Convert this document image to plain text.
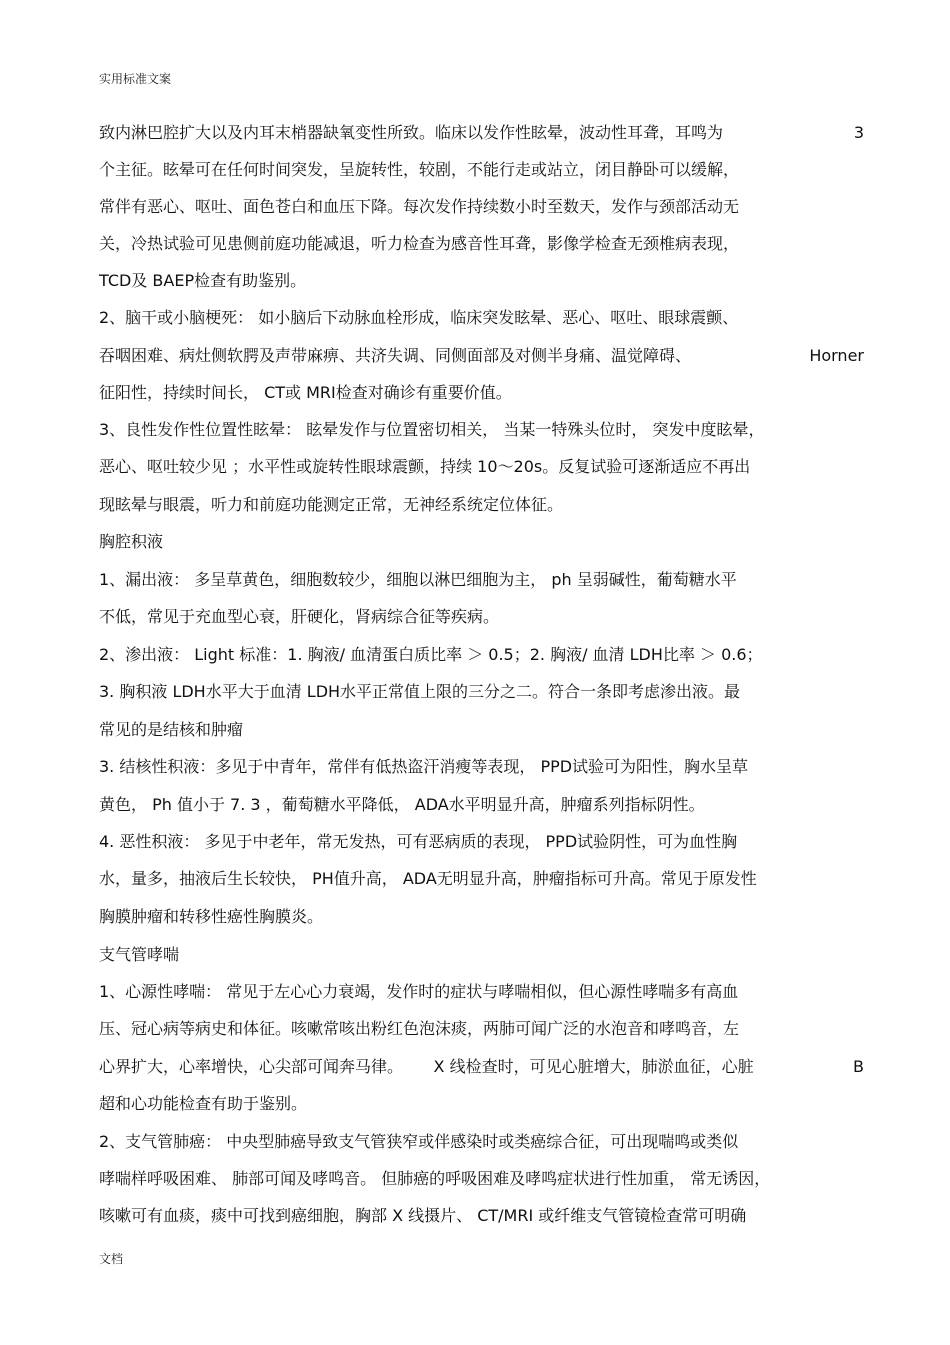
实用标准文案
致内淋巴腔扩大以及内耳末梢器缺氧变性所致。临床以发作性眩晕，波动性耳聋，耳鸣为	3
个主征。眩晕可在任何时间突发，呈旋转性，较剧，不能行走或站立，闭目静卧可以缓解，
常伴有恶心、呕吐、面色苍白和血压下降。每次发作持续数小时至数天，发作与颈部活动无
关，冷热试验可见患侧前庭功能减退，听力检查为感音性耳聋，影像学检查无颈椎病表现，
TCD及 BAEP检查有助鉴别。
2、脑干或小脑梗死： 如小脑后下动脉血栓形成，临床突发眩晕、恶心、呕吐、眼球震颤、
吞咽困难、病灶侧软腭及声带麻痹、共济失调、同侧面部及对侧半身痛、温觉障碍、	Horner
征阳性，持续时间长， CT或 MRI检查对确诊有重要价值。
3、良性发作性位置性眩晕： 眩晕发作与位置密切相关， 当某一特殊头位时， 突发中度眩晕，
恶心、呕吐较少见 ；水平性或旋转性眼球震颤，持续 10～20s。反复试验可逐渐适应不再出
现眩晕与眼震，听力和前庭功能测定正常，无神经系统定位体征。
胸腔积液
1、漏出液： 多呈草黄色，细胞数较少，细胞以淋巴细胞为主， ph 呈弱碱性，葡萄糖水平
不低，常见于充血型心衰，肝硬化，肾病综合征等疾病。
2、渗出液： Light 标准：1. 胸液/ 血清蛋白质比率 ＞ 0.5；2. 胸液/ 血清 LDH比率 ＞ 0.6；
3. 胸积液 LDH水平大于血清 LDH水平正常值上限的三分之二。符合一条即考虑渗出液。最
常见的是结核和肿瘤
3. 结核性积液：多见于中青年，常伴有低热盗汗消瘦等表现， PPD试验可为阳性，胸水呈草
黄色， Ph 值小于 7. 3 ，葡萄糖水平降低， ADA水平明显升高，肿瘤系列指标阴性。
4. 恶性积液： 多见于中老年，常无发热，可有恶病质的表现， PPD试验阴性，可为血性胸
水，量多，抽液后生长较快， PH值升高， ADA无明显升高，肿瘤指标可升高。常见于原发性
胸膜肿瘤和转移性癌性胸膜炎。
支气管哮喘
1、心源性哮喘： 常见于左心心力衰竭，发作时的症状与哮喘相似，但心源性哮喘多有高血
压、冠心病等病史和体征。咳嗽常咳出粉红色泡沫痰，两肺可闻广泛的水泡音和哮鸣音，左
心界扩大，心率增快，心尖部可闻奔马律。      X 线检查时，可见心脏增大，肺淤血征，心脏	B
超和心功能检查有助于鉴别。
2、支气管肺癌： 中央型肺癌导致支气管狭窄或伴感染时或类癌综合征，可出现喘鸣或类似
哮喘样呼吸困难、 肺部可闻及哮鸣音。 但肺癌的呼吸困难及哮鸣症状进行性加重， 常无诱因，
咳嗽可有血痰，痰中可找到癌细胞，胸部 X 线摄片、 CT/MRI 或纤维支气管镜检查常可明确
文档
